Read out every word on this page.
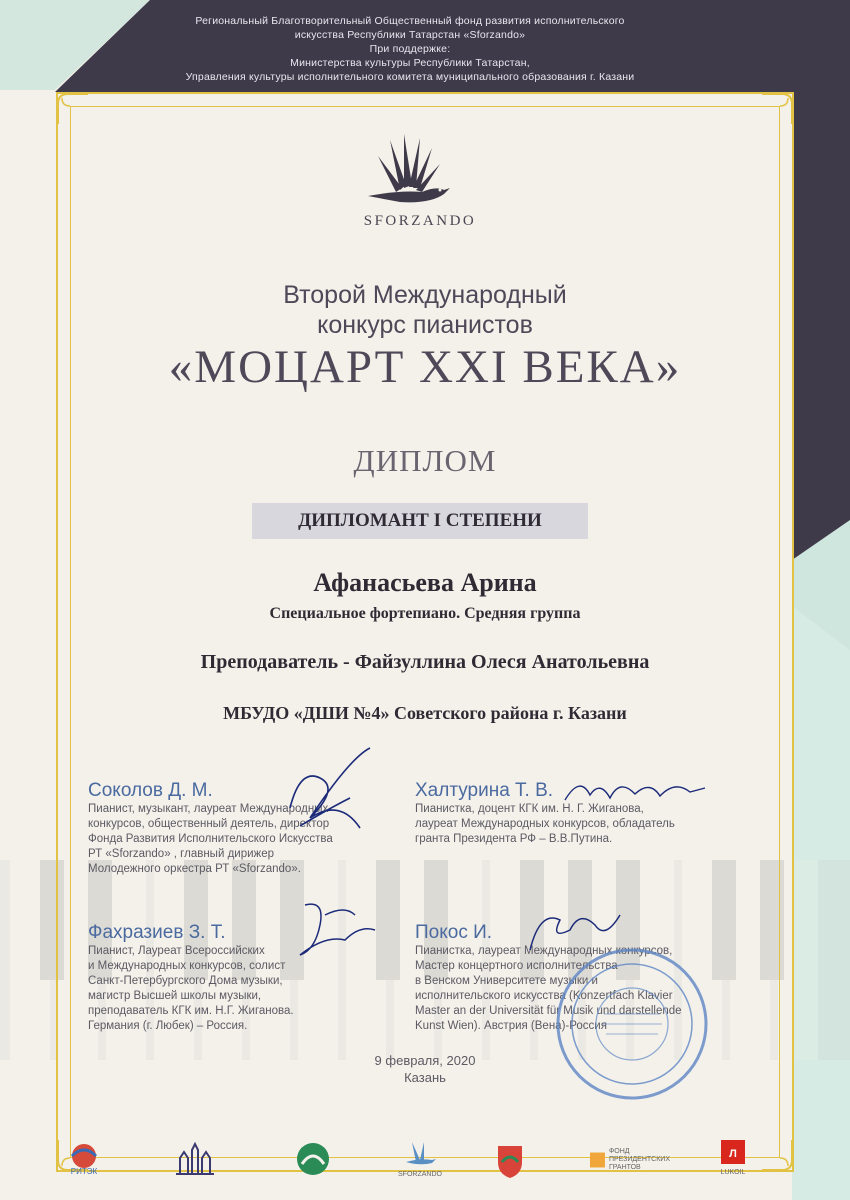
Региональный Благотворительный Общественный фонд развития исполнительского
искусства Республики Татарстан «Sforzando»
При поддержке:
Министерства культуры Республики Татарстан,
Управления культуры исполнительного комитета муниципального образования г. Казани
SFORZANDO
Второй Международный
конкурс пианистов
«МОЦАРТ XXI ВЕКА»
ДИПЛОМ
ДИПЛОМАНТ I СТЕПЕНИ
Афанасьева Арина
Специальное фортепиано. Средняя группа
Преподаватель - Файзуллина Олеся Анатольевна
МБУДО «ДШИ №4» Советского района г. Казани
Соколов Д. М.
Пианист, музыкант, лауреат Международных
конкурсов, общественный деятель, директор
Фонда Развития Исполнительского Искусства
РТ «Sforzando» , главный дирижер
Молодежного оркестра РТ «Sforzando».
Халтурина Т. В.
Пианистка, доцент КГК им. Н. Г. Жиганова,
лауреат Международных конкурсов, обладатель
гранта Президента РФ – В.В.Путина.
Фахразиев З. Т.
Пианист, Лауреат Всероссийских
и Международных конкурсов, солист
Санкт-Петербургского Дома музыки,
магистр Высшей школы музыки,
преподаватель КГК им. Н.Г. Жиганова.
Германия (г. Любек) – Россия.
Покос И.
Пианистка, лауреат Международных конкурсов,
Мастер концертного исполнительства
в Венском Университете музыки и
исполнительского искусства (Konzertfach Klavier
Master an der Universität für Musik und darstellende
Kunst Wien). Австрия (Вена)-Россия
9 февраля, 2020
Казань
РИТЭК	SFORZANDO
ФОНД
ПРЕЗИДЕНТСКИХ
ГРАНТОВ
Л
LUKOIL
